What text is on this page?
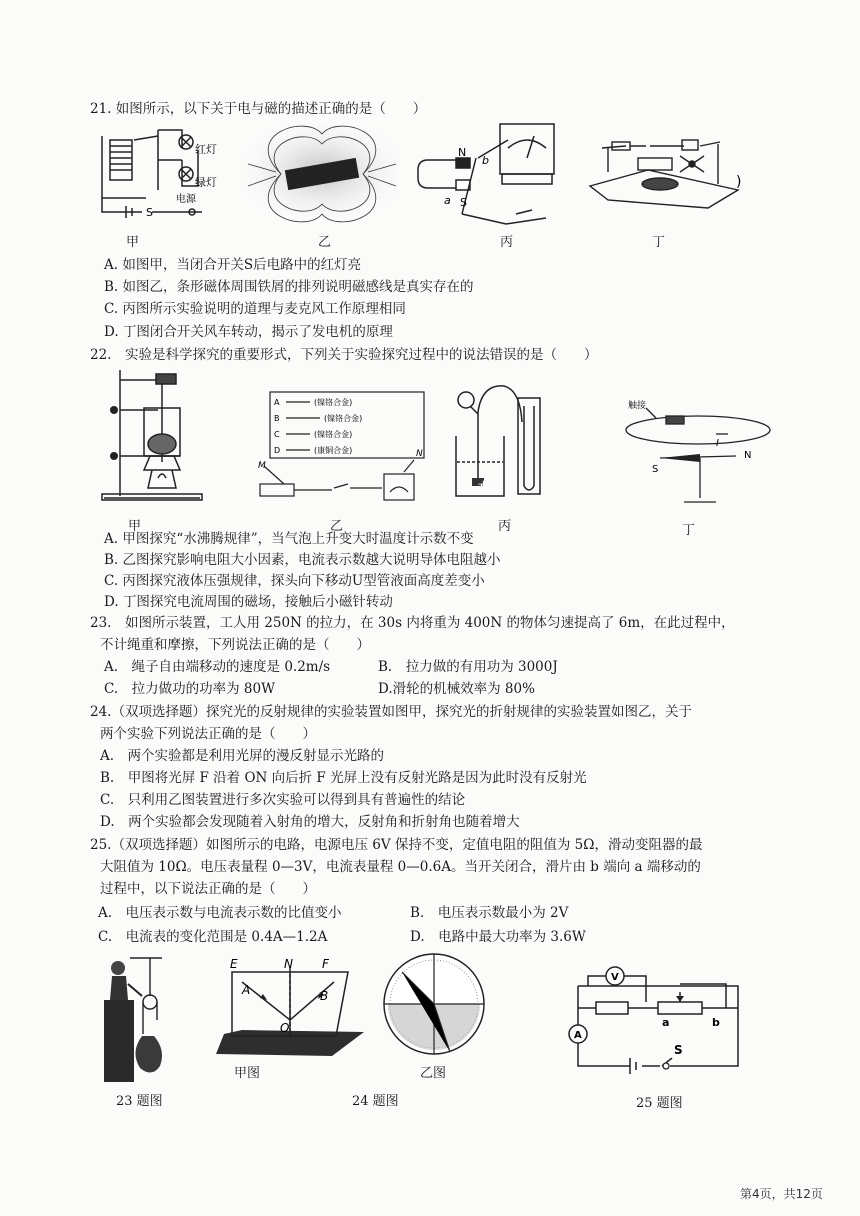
21. 如图所示，以下关于电与磁的描述正确的是（　　）
红灯
绿灯
S
电源
N
b
a S
)
甲	乙	丙	丁
A. 如图甲，当闭合开关S后电路中的红灯亮
B. 如图乙，条形磁体周围铁屑的排列说明磁感线是真实存在的
C. 丙图所示实验说明的道理与麦克风工作原理相同
D. 丁图闭合开关风车转动，揭示了发电机的原理
22.　实验是科学探究的重要形式，下列关于实验探究过程中的说法错误的是（　　）
A
B
C
D
(镍铬合金)
(镍铬合金)
(镍铬合金)
(康铜合金)
M
N
水
触接
I
S
N
甲	乙	丙	丁
A. 甲图探究“水沸腾规律”，当气泡上升变大时温度计示数不变
B. 乙图探究影响电阻大小因素，电流表示数越大说明导体电阻越小
C. 丙图探究液体压强规律，探头向下移动U型管液面高度差变小
D. 丁图探究电流周围的磁场，接触后小磁针转动
23.　如图所示装置，工人用 250N 的拉力，在 30s 内将重为 400N 的物体匀速提高了 6m，在此过程中，
不计绳重和摩擦，下列说法正确的是（　　）
A.　绳子自由端移动的速度是 0.2m/s	B.　拉力做的有用功为 3000J
C.　拉力做功的功率为 80W	D.滑轮的机械效率为 80%
24.（双项选择题）探究光的反射规律的实验装置如图甲，探究光的折射规律的实验装置如图乙，关于
两个实验下列说法正确的是（　　）
A.　两个实验都是利用光屏的漫反射显示光路的
B.　甲图将光屏 F 沿着 ON 向后折 F 光屏上没有反射光路是因为此时没有反射光
C.　只利用乙图装置进行多次实验可以得到具有普遍性的结论
D.　两个实验都会发现随着入射角的增大，反射角和折射角也随着增大
25.（双项选择题）如图所示的电路，电源电压 6V 保持不变，定值电阻的阻值为 5Ω，滑动变阻器的最
大阻值为 10Ω。电压表量程 0—3V，电流表量程 0—0.6A。当开关闭合，滑片由 b 端向 a 端移动的
过程中，以下说法正确的是（　　）
A.　电压表示数与电流表示数的比值变小	B.　电压表示数最小为 2V
C.　电流表的变化范围是 0.4A—1.2A	D.　电路中最大功率为 3.6W
E	N F
A
O
B
甲图	乙图
V
A
a	b
S
23 题图	24 题图	25 题图
第4页，共12页
